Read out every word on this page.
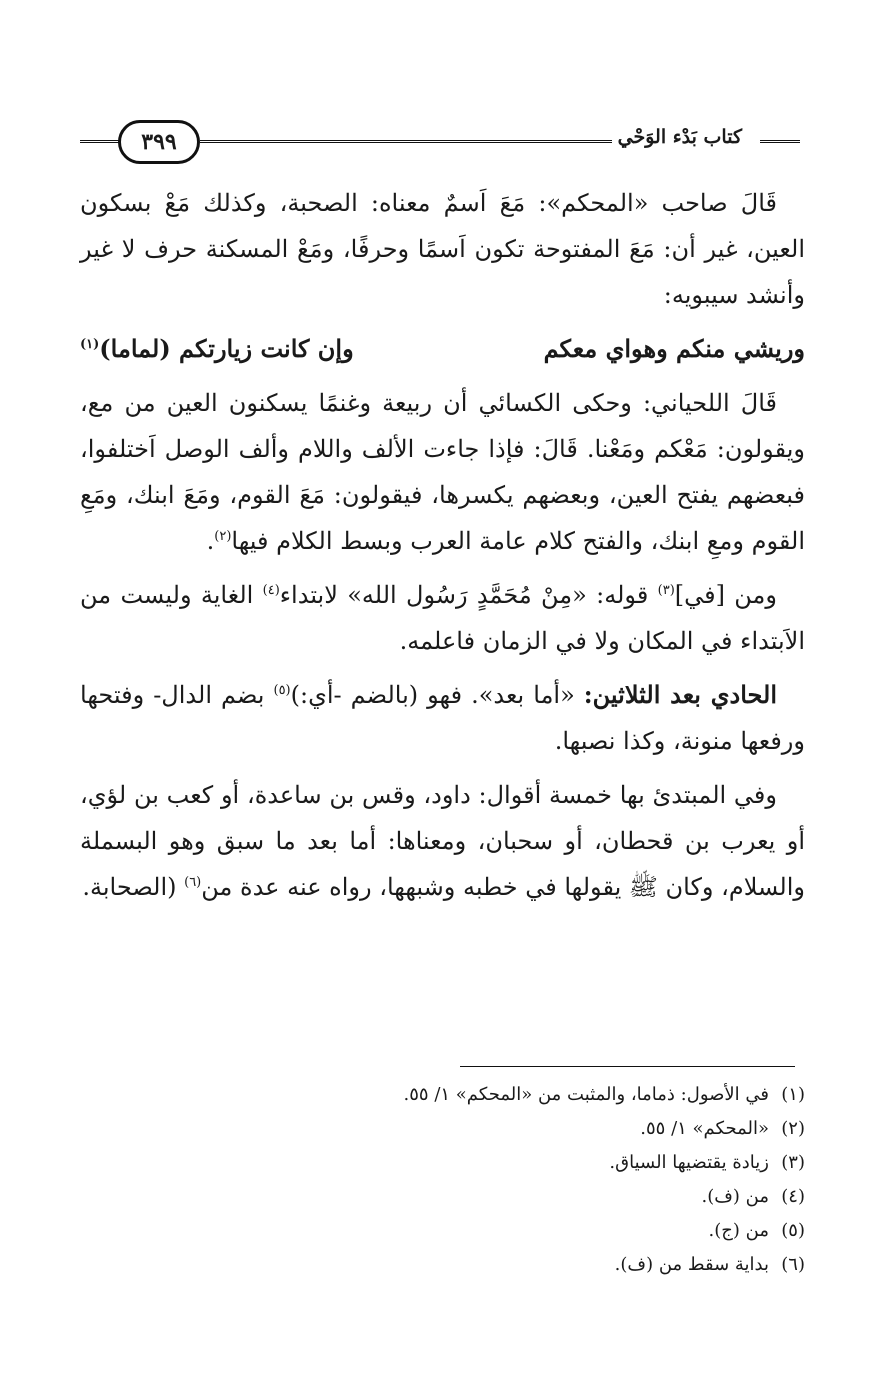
كتاب بَدْء الوَحْي
٣٩٩

قَالَ صاحب «المحكم»: مَعَ اَسمٌ معناه: الصحبة، وكذلك مَعْ بسكون العين، غير أن: مَعَ المفتوحة تكون اَسمًا وحرفًا، ومَعْ المسكنة حرف لا غير وأنشد سيبويه:

وريشي منكم وهواي معكم
وإن كانت زيارتكم (لماما)$^{(١)}$

قَالَ اللحياني: وحكى الكسائي أن ربيعة وغنمًا يسكنون العين من مع، ويقولون: مَعْكم ومَعْنا. قَالَ: فإذا جاءت الألف واللام وألف الوصل اَختلفوا، فبعضهم يفتح العين، وبعضهم يكسرها، فيقولون: مَعَ القوم، ومَعَ ابنك، ومَعِ القوم ومعِ ابنك، والفتح كلام عامة العرب وبسط الكلام فيها$^{(٢)}$.

ومن [في]$^{(٣)}$ قوله: «مِنْ مُحَمَّدٍ رَسُول الله» لابتداء$^{(٤)}$ الغاية وليست من الاَبتداء في المكان ولا في الزمان فاعلمه.

الحادي بعد الثلاثين: «أما بعد». فهو (بالضم -أي:)$^{(٥)}$ بضم الدال- وفتحها ورفعها منونة، وكذا نصبها.

وفي المبتدئ بها خمسة أقوال: داود، وقس بن ساعدة، أو كعب بن لؤي، أو يعرب بن قحطان، أو سحبان، ومعناها: أما بعد ما سبق وهو البسملة والسلام، وكان ﷺ يقولها في خطبه وشبهها، رواه عنه عدة من$^{(٦)}$ (الصحابة.

(١)
في الأصول: ذماما، والمثبت من «المحكم» ١/ ٥٥.
(٢)
«المحكم» ١/ ٥٥.
(٣)
زيادة يقتضيها السياق.
(٤)
من (ف).
(٥)
من (ج).
(٦)
بداية سقط من (ف).
